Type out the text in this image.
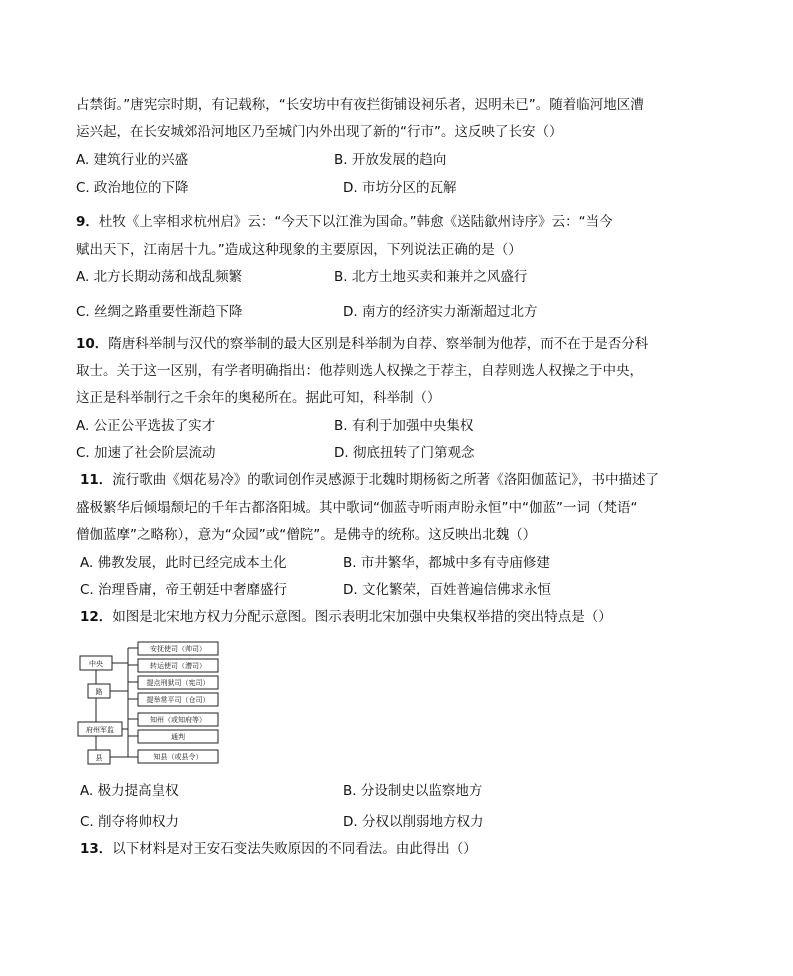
占禁街。”唐宪宗时期，有记载称，“长安坊中有夜拦街铺设祠乐者，迟明未已”。随着临河地区漕
运兴起，在长安城郊沿河地区乃至城门内外出现了新的“行市”。这反映了长安（）
A. 建筑行业的兴盛	B. 开放发展的趋向
C. 政治地位的下降	D. 市坊分区的瓦解
9．杜牧《上宰相求杭州启》云：“今天下以江淮为国命。”韩愈《送陆歙州诗序》云：“当今
赋出天下，江南居十九。”造成这种现象的主要原因，下列说法正确的是（）
A. 北方长期动荡和战乱频繁	B. 北方土地买卖和兼并之风盛行
C. 丝绸之路重要性渐趋下降	D. 南方的经济实力渐渐超过北方
10．隋唐科举制与汉代的察举制的最大区别是科举制为自荐、察举制为他荐，而不在于是否分科
取士。关于这一区别，有学者明确指出：他荐则选人权操之于荐主，自荐则选人权操之于中央，
这正是科举制行之千余年的奥秘所在。据此可知，科举制（）
A. 公正公平选拔了实才	B. 有利于加强中央集权
C. 加速了社会阶层流动	D. 彻底扭转了门第观念
11．流行歌曲《烟花易冷》的歌词创作灵感源于北魏时期杨衒之所著《洛阳伽蓝记》，书中描述了
盛极繁华后倾塌颓圮的千年古都洛阳城。其中歌词“伽蓝寺听雨声盼永恒”中“伽蓝”一词（梵语“
僧伽蓝摩”之略称），意为“众园”或“僧院”。是佛寺的统称。这反映出北魏（）
A. 佛教发展，此时已经完成本土化	B. 市井繁华，都城中多有寺庙修建
C. 治理昏庸，帝王朝廷中奢靡盛行	D. 文化繁荣，百姓普遍信佛求永恒
12．如图是北宋地方权力分配示意图。图示表明北宋加强中央集权举措的突出特点是（）
中央
路
府州军监
县
安抚使司（帅司）
转运使司（漕司）
提点刑狱司（宪司）
提举常平司（仓司）
知州（或知府等）
通判
知县（或县令）
A. 极力提高皇权	B. 分设制史以监察地方
C. 削夺将帅权力	D. 分权以削弱地方权力
13．以下材料是对王安石变法失败原因的不同看法。由此得出（）
